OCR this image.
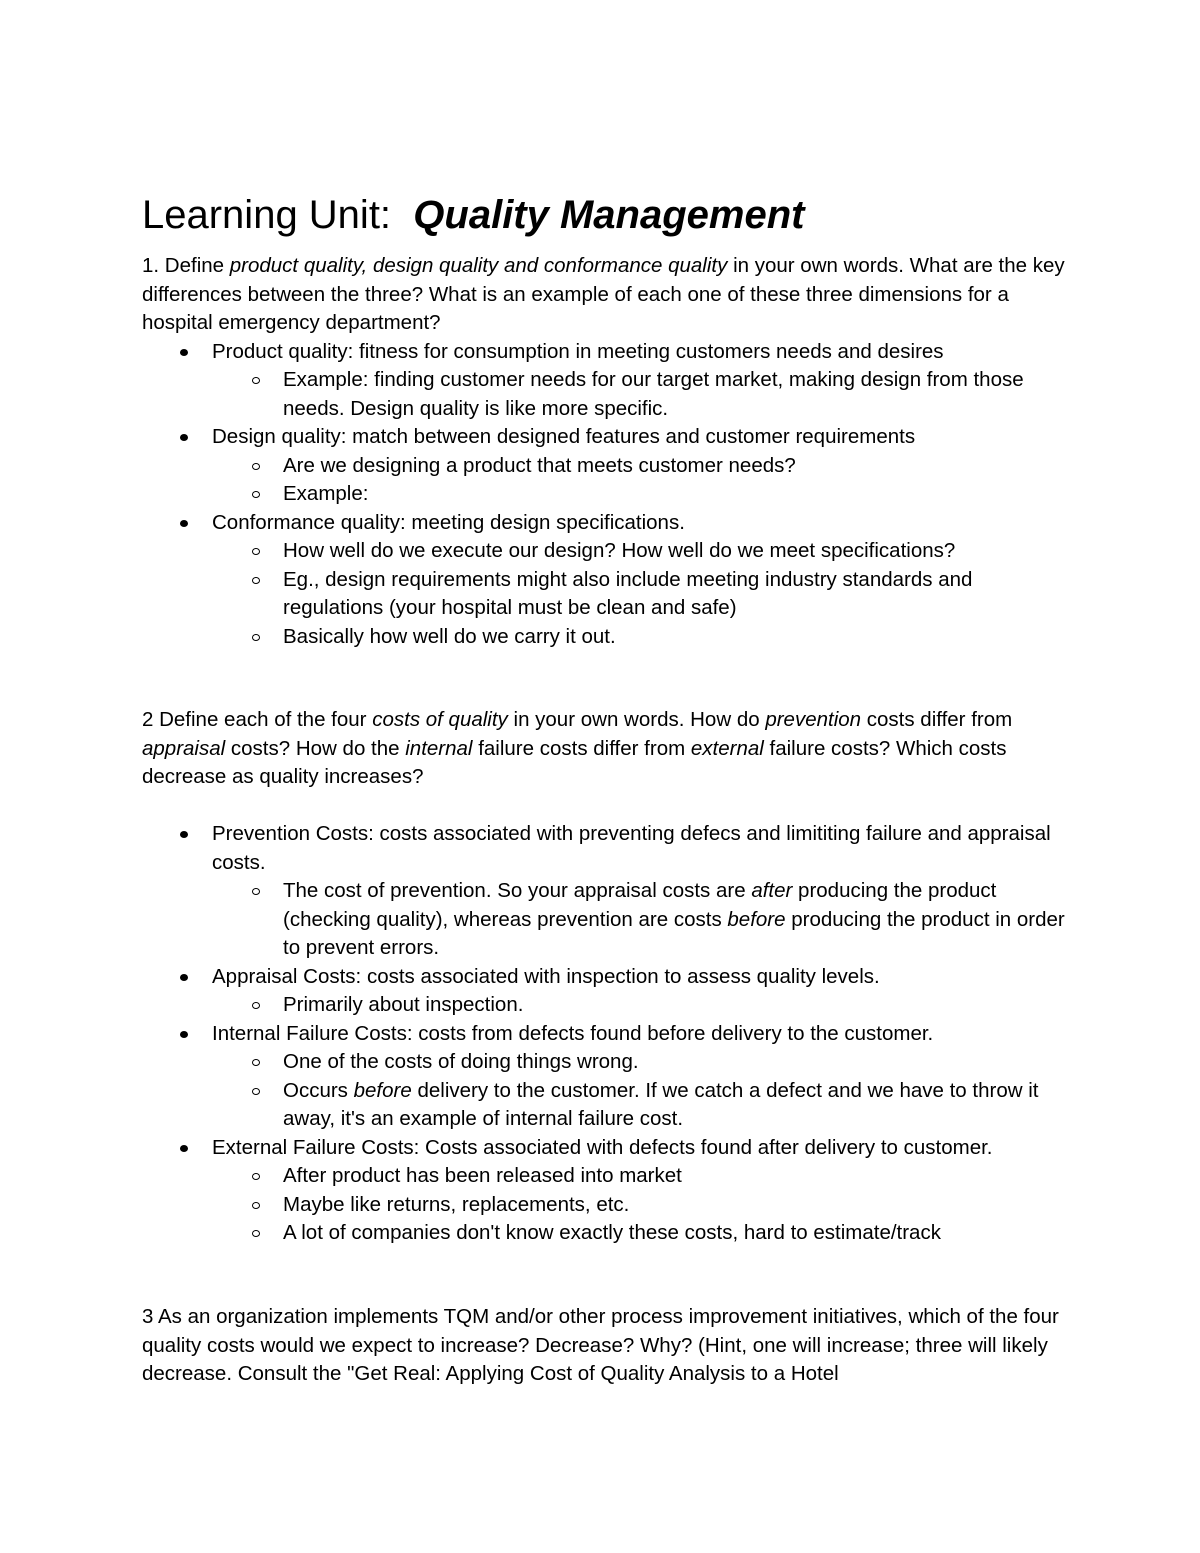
Learning Unit: Quality Management

1. Define product quality, design quality and conformance quality in your own words. What are the key differences between the three? What is an example of each one of these three dimensions for a hospital emergency department?

Product quality: fitness for consumption in meeting customers needs and desires
Example: finding customer needs for our target market, making design from those needs. Design quality is like more specific.
Design quality: match between designed features and customer requirements
Are we designing a product that meets customer needs?
Example:
Conformance quality: meeting design specifications.
How well do we execute our design? How well do we meet specifications?
Eg., design requirements might also include meeting industry standards and regulations (your hospital must be clean and safe)
Basically how well do we carry it out.

2 Define each of the four costs of quality in your own words. How do prevention costs differ from appraisal costs? How do the internal failure costs differ from external failure costs? Which costs decrease as quality increases?

Prevention Costs: costs associated with preventing defecs and limititing failure and appraisal costs.
The cost of prevention. So your appraisal costs are after producing the product (checking quality), whereas prevention are costs before producing the product in order to prevent errors.
Appraisal Costs: costs associated with inspection to assess quality levels.
Primarily about inspection.
Internal Failure Costs: costs from defects found before delivery to the customer.
One of the costs of doing things wrong.
Occurs before delivery to the customer. If we catch a defect and we have to throw it away, it's an example of internal failure cost.
External Failure Costs: Costs associated with defects found after delivery to customer.
After product has been released into market
Maybe like returns, replacements, etc.
A lot of companies don't know exactly these costs, hard to estimate/track

3 As an organization implements TQM and/or other process improvement initiatives, which of the four quality costs would we expect to increase? Decrease? Why? (Hint, one will increase; three will likely decrease. Consult the "Get Real: Applying Cost of Quality Analysis to a Hotel
